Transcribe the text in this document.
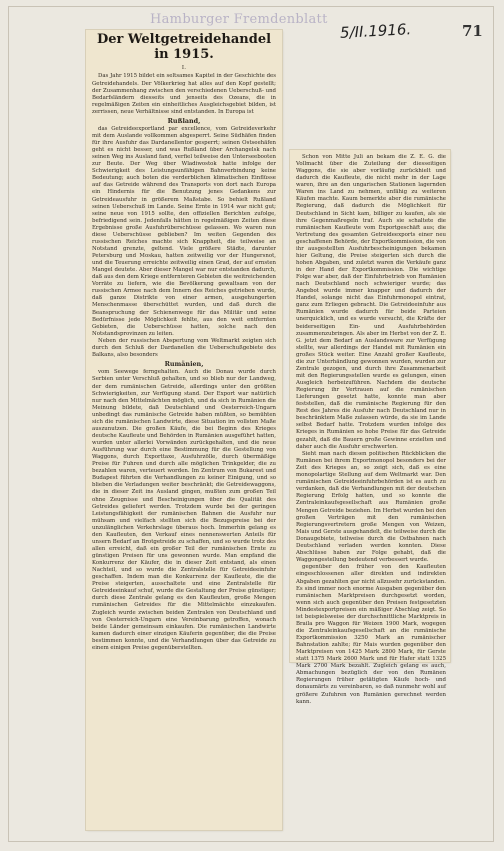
Hamburger Fremdenblatt
5/II.1916.	71
Der Weltgetreidehandel
in 1915.

I.

Das Jahr 1915 bildet ein seltsames Kapitel in der Geschichte des Getreidehandels. Der Völkerkrieg hat alles auf den Kopf gestellt; der Zusammenhang zwischen den verschiedenen Ueberschuß- und Bedarfsländern diesseits und jenseits des Ozeans, die in regelmäßigen Zeiten ein einheitliches Ausgleichsgebiet bilden, ist zerrissen, neue Verhältnisse sind entstanden. In Europa ist

Rußland,

das Getreideexportland par excellence, vom Getreideverkehr mit dem Auslande vollkommen abgesperrt. Seine Südhäfen finden für ihre Ausfuhr das Dardanellentor gesperrt; seinen Ostseehäfen geht es nicht besser, und was Rußland über Archangelsk nach seinen Weg ins Ausland fand, verfiel teilweise den Unterseebooten zur Beute. Der Weg über Wladiwostok hatte infolge der Schwierigkeit des Leistungsunfähigen Bahnverbindung keine Bedeutung; auch boten die verderblichen klimatischen Einflüsse auf das Getreide während des Transports von dort nach Europa ein Hindernis für die Benutzung jenes Gedankens zur Getreideausfuhr in größerem Maßstabe. So behielt Rußland seinen Ueberschuß im Lande. Seine Ernte in 1914 war nicht gut; seine neue von 1915 sollte, den offiziellen Berichten zufolge, befriedigend sein. Jedenfalls hätten in regelmäßigen Zeiten diese Ergebnisse große Ausfuhrüberschüsse gelassen. Wo waren nun diese Ueberschüsse geblieben? Im weiten Gegenden des russischen Reiches machte sich Knappheit, die teilweise an Notstand grenzte, geltend. Viele größere Städte, darunter Petersburg und Moskau, hatten zeitweilig vor der Hungersnot, und die Teuerung erreichte zeitweilig einen Grad, der auf ernsten Mangel deutete. Aber dieser Mangel war nur entstanden dadurch, daß aus den dem Kriege entfernteren Gebieten die weitreichenden Vorräte zu liefern, wie die Bevölkerung gewaltsam von der russischen Armee nach dem Innern des Reiches getrieben wurde, daß ganze Distrikte von einer armen, ausgehungerten Menschenmasse überschüttet wurden, und daß durch die Beanspruchung der Schienenwege für das Militär und seine Bedürfnisse jede Möglichkeit fehlte, aus den weit entfernten Gebieten, die Ueberschüsse hatten, solche nach den Notstandsprovinzen zu leiten.

Neben der russischen Abspertung vom Weltmarkt zeigten sich durch den Schluß der Dardanellen die Ueberschußgebiete des Balkans, also besonders

Rumänien,

vom Seewege ferngehalten. Auch die Donau wurde durch Serbien unter Verschluß gehalten, und so blieb nur der Landweg, der dem rumänischen Getreide, allerdings unter den größten Schwierigkeiten, zur Verfügung stand. Der Export war natürlich nur nach den Mittelmächten möglich, und da sich in Rumänien die Meinung bildete, daß Deutschland und Oesterreich-Ungarn unbedingt das rumänische Getreide haben müßten, so bemühten sich die rumänischen Landwirte, diese Situation im vollsten Maße auszunutzen. Die großen Käufe, die bei Beginn des Krieges deutsche Kaufleute und Behörden in Rumänien ausgeführt hatten, wurden unter allerlei Vorwänden zurückgehalten, und die neue Ausführung war durch eine Bestimmung für die Gestellung von Waggons, durch Exporttaxe, Ausfuhrzölle, durch übermäßige Preise für Fuhren und durch alle möglichen Trinkgelder, die zu bezahlen waren, verteuert worden. Im Zentrum von Bukarest und Budapest führten die Verhandlungen zu keiner Einigung, und so blieben die Verladungen weiter beschränkt; die Getreidewaggons, die in dieser Zeit ins Ausland gingen, mußten zum großen Teil ohne Zeugnisse und Bescheinigungen über die Qualität des Getreides geliefert werden. Trotzdem wurde bei der geringen Leistungsfähigkeit der rumänischen Bahnen die Ausfuhr nur mühsam und vielfach stellten sich die Bezugspreise bei der unzulänglichen Verkehrslage überaus hoch. Immerhin gelang es den Kaufleuten, den Verkauf eines nennenswerten Anteils für unsern Bedarf an Brotgetreide zu schaffen, und so wurde trotz des allen erreicht, daß ein großer Teil der rumänischen Ernte zu günstigen Preisen für uns gewonnen wurde. Man empfand die Konkurrenz der Käufer, die in dieser Zeit entstand, als einen Nachteil, und so wurde die Zentralstelle für Getreideeinfuhr geschaffen. Indem man die Konkurrenz der Kaufleute, die die Preise steigerten, ausschaltete und eine Zentralstelle für Getreideeinkauf schuf, wurde die Gestaltung der Preise günstiger; durch diese Zentrale gelang es den Kaufleuten, große Mengen rumänischen Getreides für die Mittelmächte einzukaufen. Zugleich wurde zwischen beiden Zentralen von Deutschland und von Oesterreich-Ungarn eine Vereinbarung getroffen, wonach beide Länder gemeinsam einkaufen. Die rumänischen Landwirte kamen dadurch einer einzigen Käuferin gegenüber, die die Preise bestimmen konnte, und die Verhandlungen über das Getreide zu einem einigen Preise gegenüberstellten.

Schon von Mitte Juli an bekam die Z. E. G. die Vollmacht über die Zuteilung der diesseitigen Waggons, die sie aber vorläufig zurückhielt und dadurch die Kaufleute, die nicht mehr in der Lage waren, ihre an den ungarischen Stationen lagernden Waren ins Land zu nehmen, unfähig zu weiteren Käufen machte. Kaum bemerkte aber die rumänische Regierung, daß dadurch die Möglichkeit für Deutschland in Sicht kam, billiger zu kaufen, als sie ihre Gegenmaßregeln traf. Auch sie schaltete die rumänischen Kaufleute vom Exportgeschäft aus; die Vertretung des gesamten Getreideexports einer neu geschaffenen Behörde, der Exportkommission, die von ihr ausgestellten Ausfuhrbescheinigungen bekamen hier Geltung, die Preise steigerten sich durch die hohen Abgaben, und zuletzt waren die Verkäufe ganz in der Hand der Exportkommission. Die wichtige Folge war aber, daß der Einfuhrbetrieb von Rumänien nach Deutschland noch schwieriger wurde; das Angebot wurde immer knapper und dadurch der Handel, solange nicht das Einfuhrmonopol eintrat, ganz zum Erliegen gebracht. Die Getreideeinfuhr aus Rumänien wurde dadurch für beide Parteien unerquicklich, und es wurde versucht, die Kräfte der beiderseitigen Ein- und Ausfuhrbehörden zusammenzubringen. Als aber im Herbst von der Z. E. G. jetzt dem Bedarf an Auslandsware zur Verfügung stellte, war allerdings der Handel mit Rumänien ein großes Stück weiter. Eine Anzahl großer Kaufleute, die zur Unterhändlung gewonnen wurden, wurden zur Zentrale gezogen, und durch ihre Zusammenarbeit mit den Regierungsstellen wurde es gelungen, einen Ausgleich herbeizuführen. Nachdem die deutsche Regierung ihr Vertrauen auf die rumänischen Lieferungen gesetzt hatte, konnte man aber feststellen, daß die rumänische Regierung für den Rest des Jahres die Ausfuhr nach Deutschland nur in beschränktem Maße zulassen würde, da sie im Lande selbst Bedarf hatte. Trotzdem wurden infolge des Krieges in Rumänien so hohe Preise für das Getreide gezahlt, daß die Bauern große Gewinne erzielten und daher auch die Ausfuhr erschwerten.

Sieht man nach diesen politischen Rückblicken die Rumänen bei ihrem Exportmonopol besonders bei der Zeit des Krieges an, so zeigt sich, daß es eine monopolartige Stellung auf dem Weltmarkt war. Den rumänischen Getreideeinfuhrbehörden ist es auch zu verdanken, daß die Verhandlungen mit der deutschen Regierung Erfolg hatten, und so konnte die Zentraleinkaufsgesellschaft aus Rumänien große Mengen Getreide beziehen. Im Herbst wurden bei den großen Verträgen mit den rumänischen Regierungsvertretern große Mengen von Weizen, Mais und Gerste ausgehandelt, die teilweise durch die Donaugebiete, teilweise durch die Ostbahnen nach Deutschland verladen werden konnten. Diese Abschlüsse haben zur Folge gehabt, daß die Waggongestellung bedeutend verbessert wurde.

gegenüber den früher von den Kaufleuten eingeschlossenen aller direkten und indirekten Abgaben gezahlten gar nicht allzusehr zurückstanden. Es sind immer noch enorme Ausgaben gegenüber den rumänischen Marktpreisen durchgesetzt worden, wenn sich auch gegenüber den Preisen festgesetzten Mindestexportpreisen ein mäßiger Abschlag zeigt. So ist beispielsweise der durchschnittliche Marktpreis in Braila pro Waggon für Weizen 1900 Mark, wogegen die Zentraleinkaufsgesellschaft an die rumänische Exportkommission 3250 Mark an rumänischer Bahnstation zahlte; für Mais wurden gegenüber den Marktpreisen von 1425 Mark 2800 Mark, für Gerste statt 1375 Mark 2600 Mark und für Hafer statt 1325 Mark 2700 Mark bezahlt. Zugleich gelang es auch, Abmachungen bezüglich der von den Rumänen Regierungen früher getätigten Käufe hoch- und donaumärts zu vereinbaren, so daß nunmehr wohl auf größere Zufuhren von Rumänien gerechnet werden kann.
